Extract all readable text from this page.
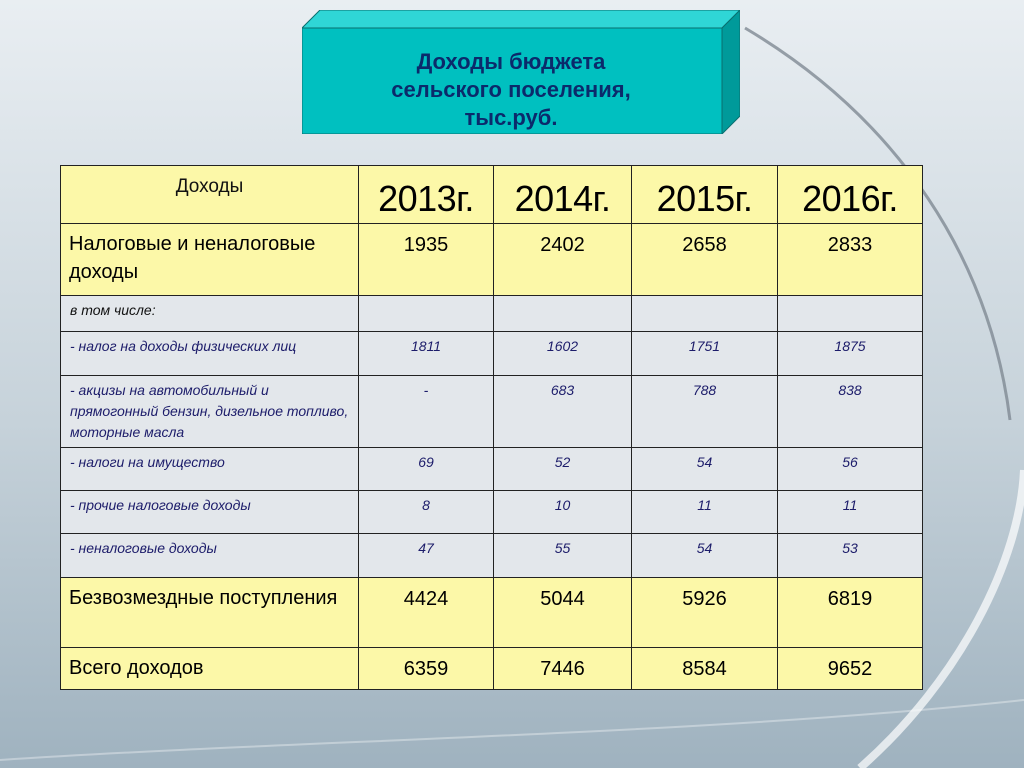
Доходы бюджета
сельского поселения,
тыс.руб.
Доходы	2013г.	2014г.	2015г.	2016г.
Налоговые и неналоговые доходы	1935	2402	2658	2833
в том числе:				
- налог на доходы физических лиц	1811	1602	1751	1875
- акцизы на автомобильный и прямогонный бензин, дизельное топливо, моторные масла	-	683	788	838
- налоги на имущество	69	52	54	56
- прочие налоговые доходы	8	10	11	11
- неналоговые доходы	47	55	54	53
Безвозмездные поступления	4424	5044	5926	6819
Всего доходов	6359	7446	8584	9652
